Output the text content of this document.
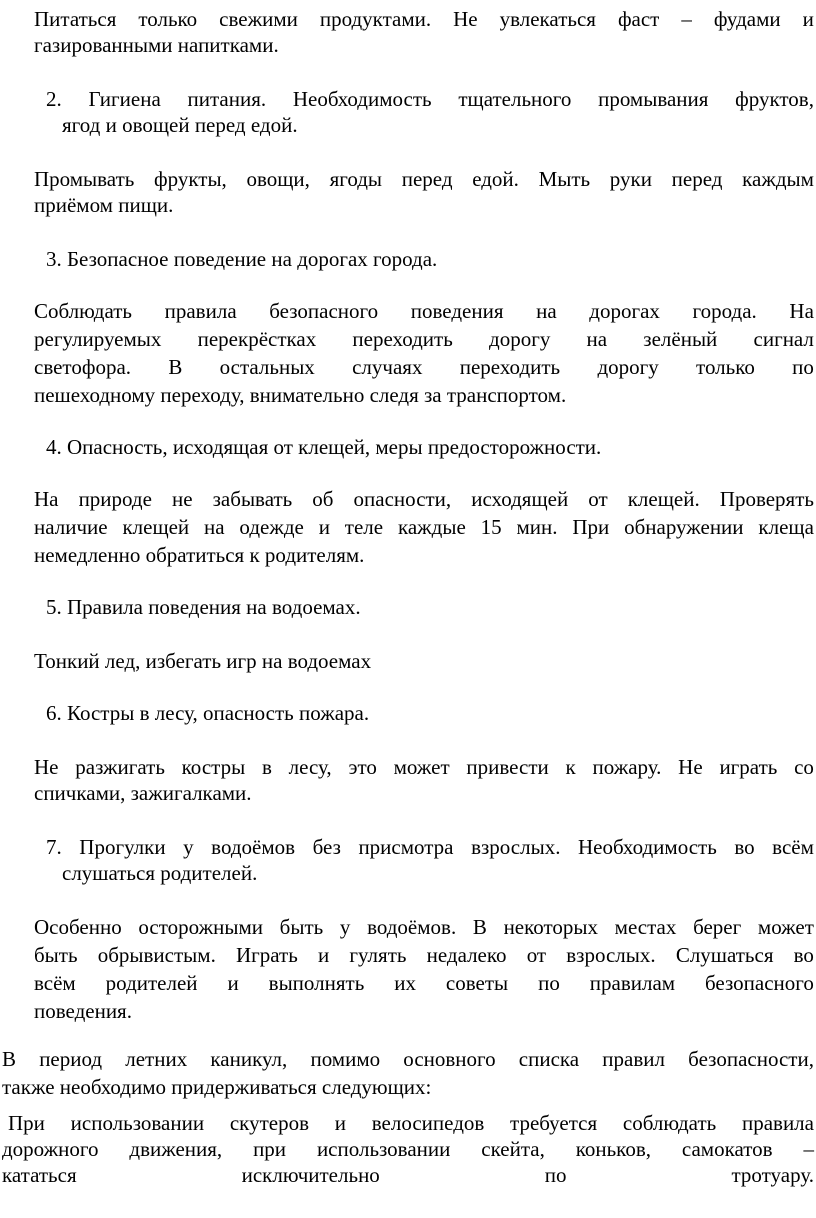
Питаться только свежими продуктами. Не увлекаться фаст – фудами и
газированными напитками.
2. Гигиена питания. Необходимость тщательного промывания фруктов,
ягод и овощей перед едой.
Промывать фрукты, овощи, ягоды перед едой. Мыть руки перед каждым
приёмом пищи.
3. Безопасное поведение на дорогах города.
Соблюдать правила безопасного поведения на дорогах города. На
регулируемых перекрёстках переходить дорогу на зелёный сигнал
светофора. В остальных случаях переходить дорогу только по
пешеходному переходу, внимательно следя за транспортом.
4. Опасность, исходящая от клещей, меры предосторожности.
На природе не забывать об опасности, исходящей от клещей. Проверять
наличие клещей на одежде и теле каждые 15 мин. При обнаружении клеща
немедленно обратиться к родителям.
5. Правила поведения на водоемах.
Тонкий лед, избегать игр на водоемах
6. Костры в лесу, опасность пожара.
Не разжигать костры в лесу, это может привести к пожару. Не играть со
спичками, зажигалками.
7. Прогулки у водоёмов без присмотра взрослых. Необходимость во всём
слушаться родителей.
Особенно осторожными быть у водоёмов. В некоторых местах берег может
быть обрывистым. Играть и гулять недалеко от взрослых. Слушаться во
всём родителей и выполнять их советы по правилам безопасного
поведения.
В период летних каникул, помимо основного списка правил безопасности,
также необходимо придерживаться следующих:
При использовании скутеров и велосипедов требуется соблюдать правила
дорожного движения, при использовании скейта, коньков, самокатов –
кататься	исключительно	по	тротуару.
